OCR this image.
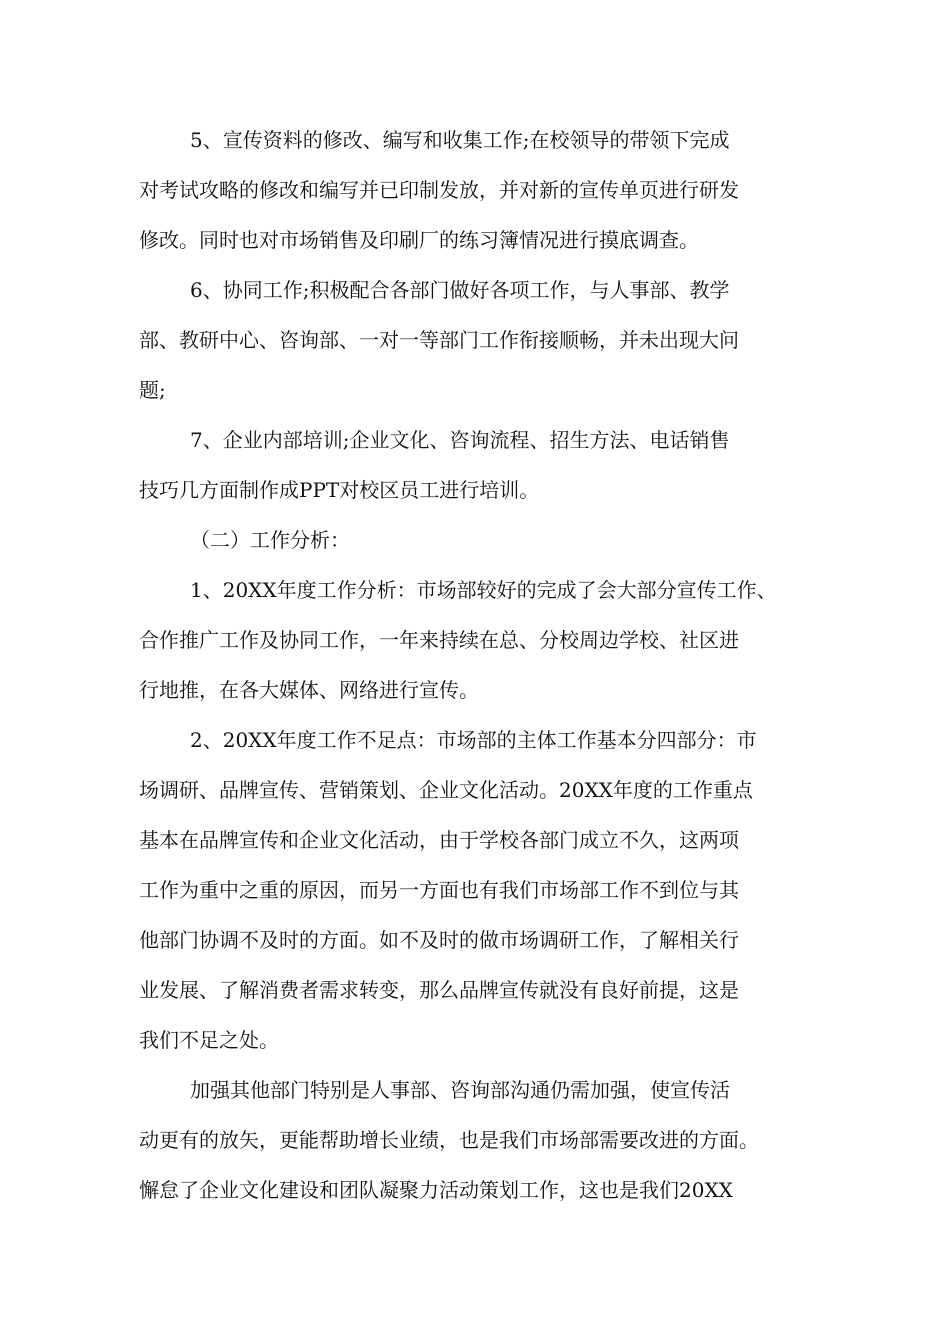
5、宣传资料的修改、编写和收集工作;在校领导的带领下完成
对考试攻略的修改和编写并已印制发放，并对新的宣传单页进行研发
修改。同时也对市场销售及印刷厂的练习簿情况进行摸底调查。
6、协同工作;积极配合各部门做好各项工作，与人事部、教学
部、教研中心、咨询部、一对一等部门工作衔接顺畅，并未出现大问
题;
7、企业内部培训;企业文化、咨询流程、招生方法、电话销售
技巧几方面制作成PPT对校区员工进行培训。
（二）工作分析：
1、20XX年度工作分析：市场部较好的完成了会大部分宣传工作、
合作推广工作及协同工作，一年来持续在总、分校周边学校、社区进
行地推，在各大媒体、网络进行宣传。
2、20XX年度工作不足点：市场部的主体工作基本分四部分：市
场调研、品牌宣传、营销策划、企业文化活动。20XX年度的工作重点
基本在品牌宣传和企业文化活动，由于学校各部门成立不久，这两项
工作为重中之重的原因，而另一方面也有我们市场部工作不到位与其
他部门协调不及时的方面。如不及时的做市场调研工作，了解相关行
业发展、了解消费者需求转变，那么品牌宣传就没有良好前提，这是
我们不足之处。
加强其他部门特别是人事部、咨询部沟通仍需加强，使宣传活
动更有的放矢，更能帮助增长业绩，也是我们市场部需要改进的方面。
懈怠了企业文化建设和团队凝聚力活动策划工作，这也是我们20XX
